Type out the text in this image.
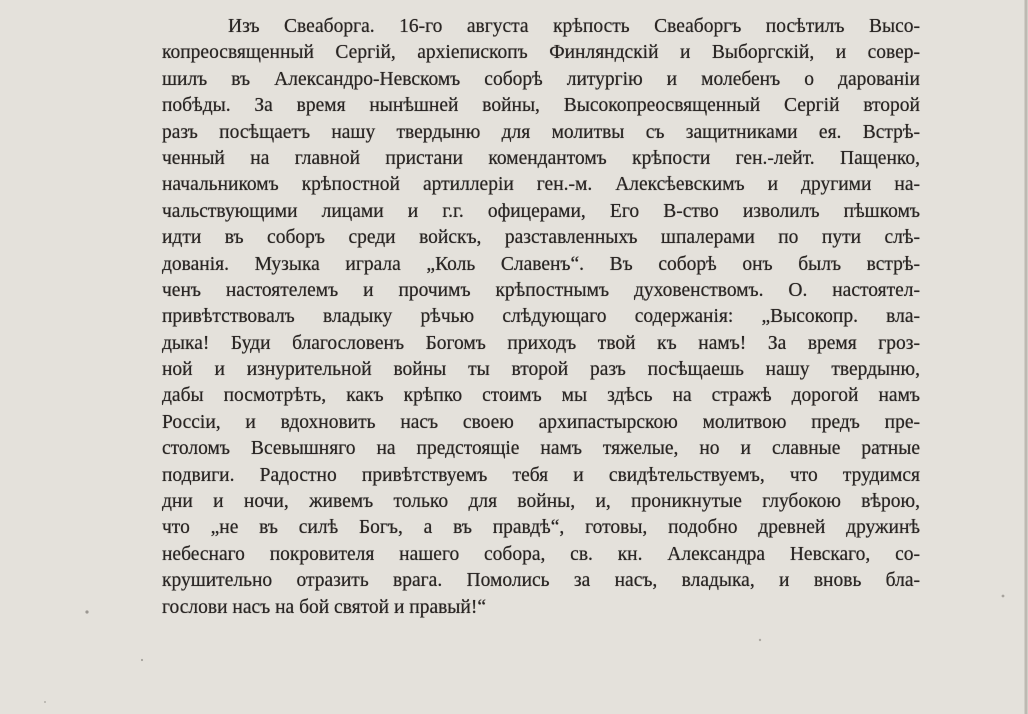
Изъ Свеаборга. 16-го августа крѣпость Свеаборгъ посѣтилъ Высо-
копреосвященный Сергій, архіепископъ Финляндскій и Выборгскій, и совер-
шилъ въ Александро-Невскомъ соборѣ литургію и молебенъ о дарованіи
побѣды. За время нынѣшней войны, Высокопреосвященный Сергій второй
разъ посѣщаетъ нашу твердыню для молитвы съ защитниками ея. Встрѣ-
ченный на главной пристани комендантомъ крѣпости ген.-лейт. Пащенко,
начальникомъ крѣпостной артиллеріи ген.-м. Алексѣевскимъ и другими на-
чальствующими лицами и г.г. офицерами, Его В-ство изволилъ пѣшкомъ
идти въ соборъ среди войскъ, разставленныхъ шпалерами по пути слѣ-
дованія. Музыка играла „Коль Славенъ“. Въ соборѣ онъ былъ встрѣ-
ченъ настоятелемъ и прочимъ крѣпостнымъ духовенствомъ. О. настоятел-
привѣтствовалъ владыку рѣчью слѣдующаго содержанія: „Высокопр. вла-
дыка! Буди благословенъ Богомъ приходъ твой къ намъ! За время гроз-
ной и изнурительной войны ты второй разъ посѣщаешь нашу твердыню,
дабы посмотрѣть, какъ крѣпко стоимъ мы здѣсь на стражѣ дорогой намъ
Россіи, и вдохновить насъ своею архипастырскою молитвою предъ пре-
столомъ Всевышняго на предстоящіе намъ тяжелые, но и славные ратные
подвиги. Радостно привѣтствуемъ тебя и свидѣтельствуемъ, что трудимся
дни и ночи, живемъ только для войны, и, проникнутые глубокою вѣрою,
что „не въ силѣ Богъ, а въ правдѣ“, готовы, подобно древней дружинѣ
небеснаго покровителя нашего собора, св. кн. Александра Невскаго, со-
крушительно отразить врага. Помолись за насъ, владыка, и вновь бла-
гослови насъ на бой святой и правый!“
